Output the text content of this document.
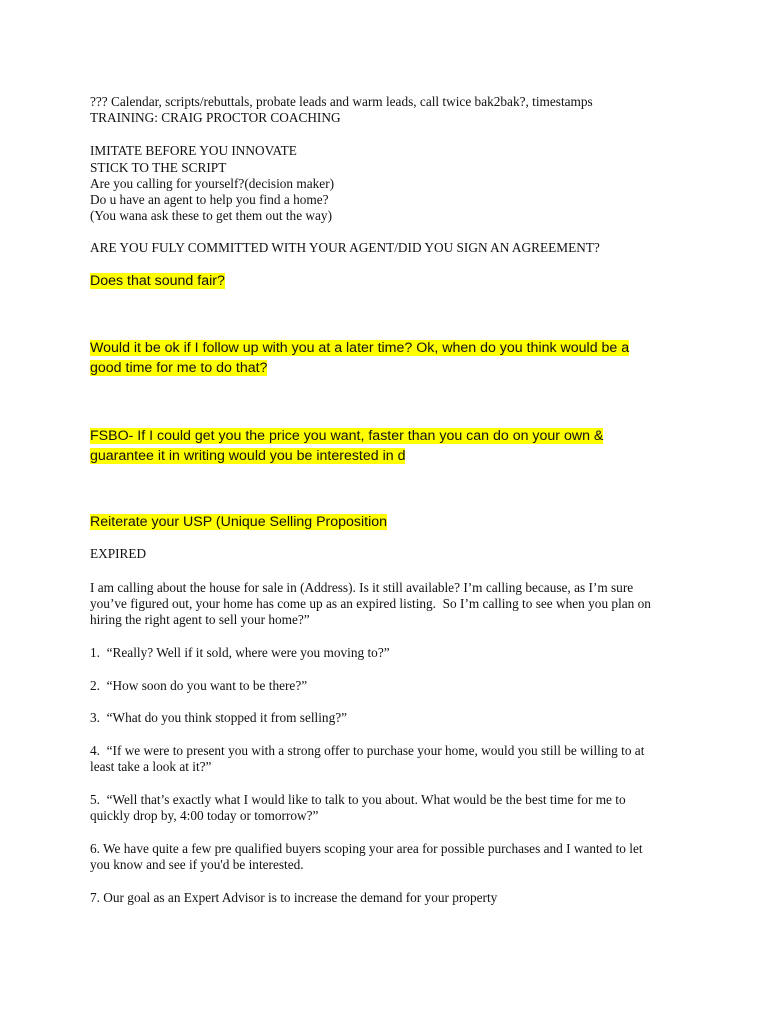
??? Calendar, scripts/rebuttals, probate leads and warm leads, call twice bak2bak?, timestamps
TRAINING: CRAIG PROCTOR COACHING
IMITATE BEFORE YOU INNOVATE
STICK TO THE SCRIPT
Are you calling for yourself?(decision maker)
Do u have an agent to help you find a home?
(You wana ask these to get them out the way)
ARE YOU FULY COMMITTED WITH YOUR AGENT/DID YOU SIGN AN AGREEMENT?
Does that sound fair?
Would it be ok if I follow up with you at a later time? Ok, when do you think would be a
good time for me to do that?
FSBO- If I could get you the price you want, faster than you can do on your own &
guarantee it in writing would you be interested in d
Reiterate your USP (Unique Selling Proposition
EXPIRED
I am calling about the house for sale in (Address). Is it still available? I’m calling because, as I’m sure
you’ve figured out, your home has come up as an expired listing.  So I’m calling to see when you plan on
hiring the right agent to sell your home?”
1.  “Really? Well if it sold, where were you moving to?”
2.  “How soon do you want to be there?”
3.  “What do you think stopped it from selling?”
4.  “If we were to present you with a strong offer to purchase your home, would you still be willing to at
least take a look at it?”
5.  “Well that’s exactly what I would like to talk to you about. What would be the best time for me to
quickly drop by, 4:00 today or tomorrow?”
6. We have quite a few pre qualified buyers scoping your area for possible purchases and I wanted to let
you know and see if you'd be interested.
7. Our goal as an Expert Advisor is to increase the demand for your property
